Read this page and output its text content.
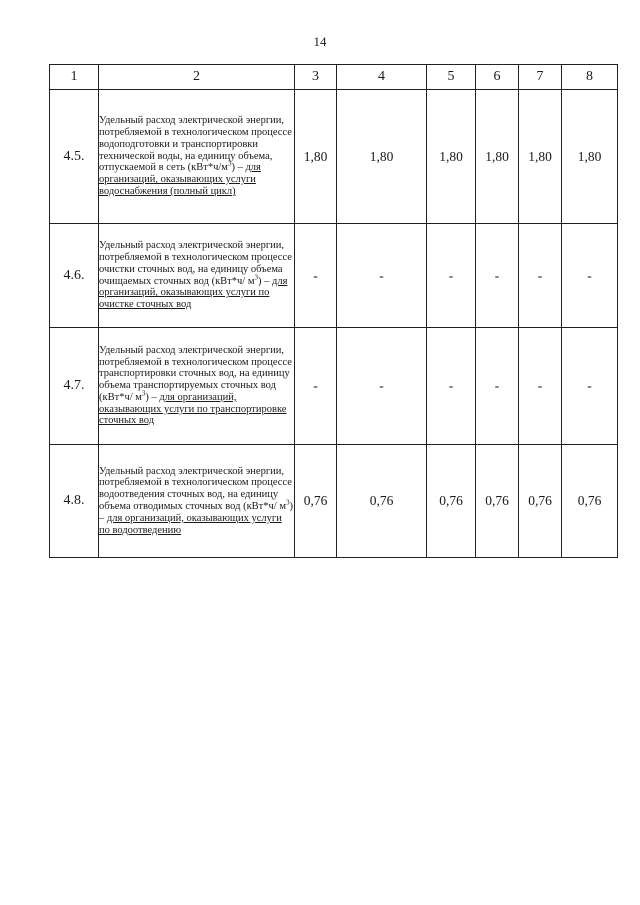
14
1	2	3	4	5	6	7	8
4.5.	Удельный расход электрической энергии, потребляемой в технологическом процессе водоподготовки и транспортировки технической воды, на единицу объема, отпускаемой в сеть $(кВт*ч/м^3)$ – для организаций, оказывающих услуги водоснабжения (полный цикл)	1,80	1,80	1,80	1,80	1,80	1,80
4.6.	Удельный расход электрической энергии, потребляемой в технологическом процессе очистки сточных вод, на единицу объема очищаемых сточных вод (кВт*ч/ $м^3$) – для организаций, оказывающих услуги по очистке сточных вод	-	-	-	-	-	-
4.7.	Удельный расход электрической энергии, потребляемой в технологическом процессе транспортировки сточных вод, на единицу объема транспортируемых сточных вод (кВт*ч/ $м^3$) – для организаций, оказывающих услуги по транспортировке сточных вод	-	-	-	-	-	-
4.8.	Удельный расход электрической энергии, потребляемой в технологическом процессе водоотведения сточных вод, на единицу объема отводимых сточных вод (кВт*ч/ $м^3$) – для организаций, оказывающих услуги по водоотведению	0,76	0,76	0,76	0,76	0,76	0,76
